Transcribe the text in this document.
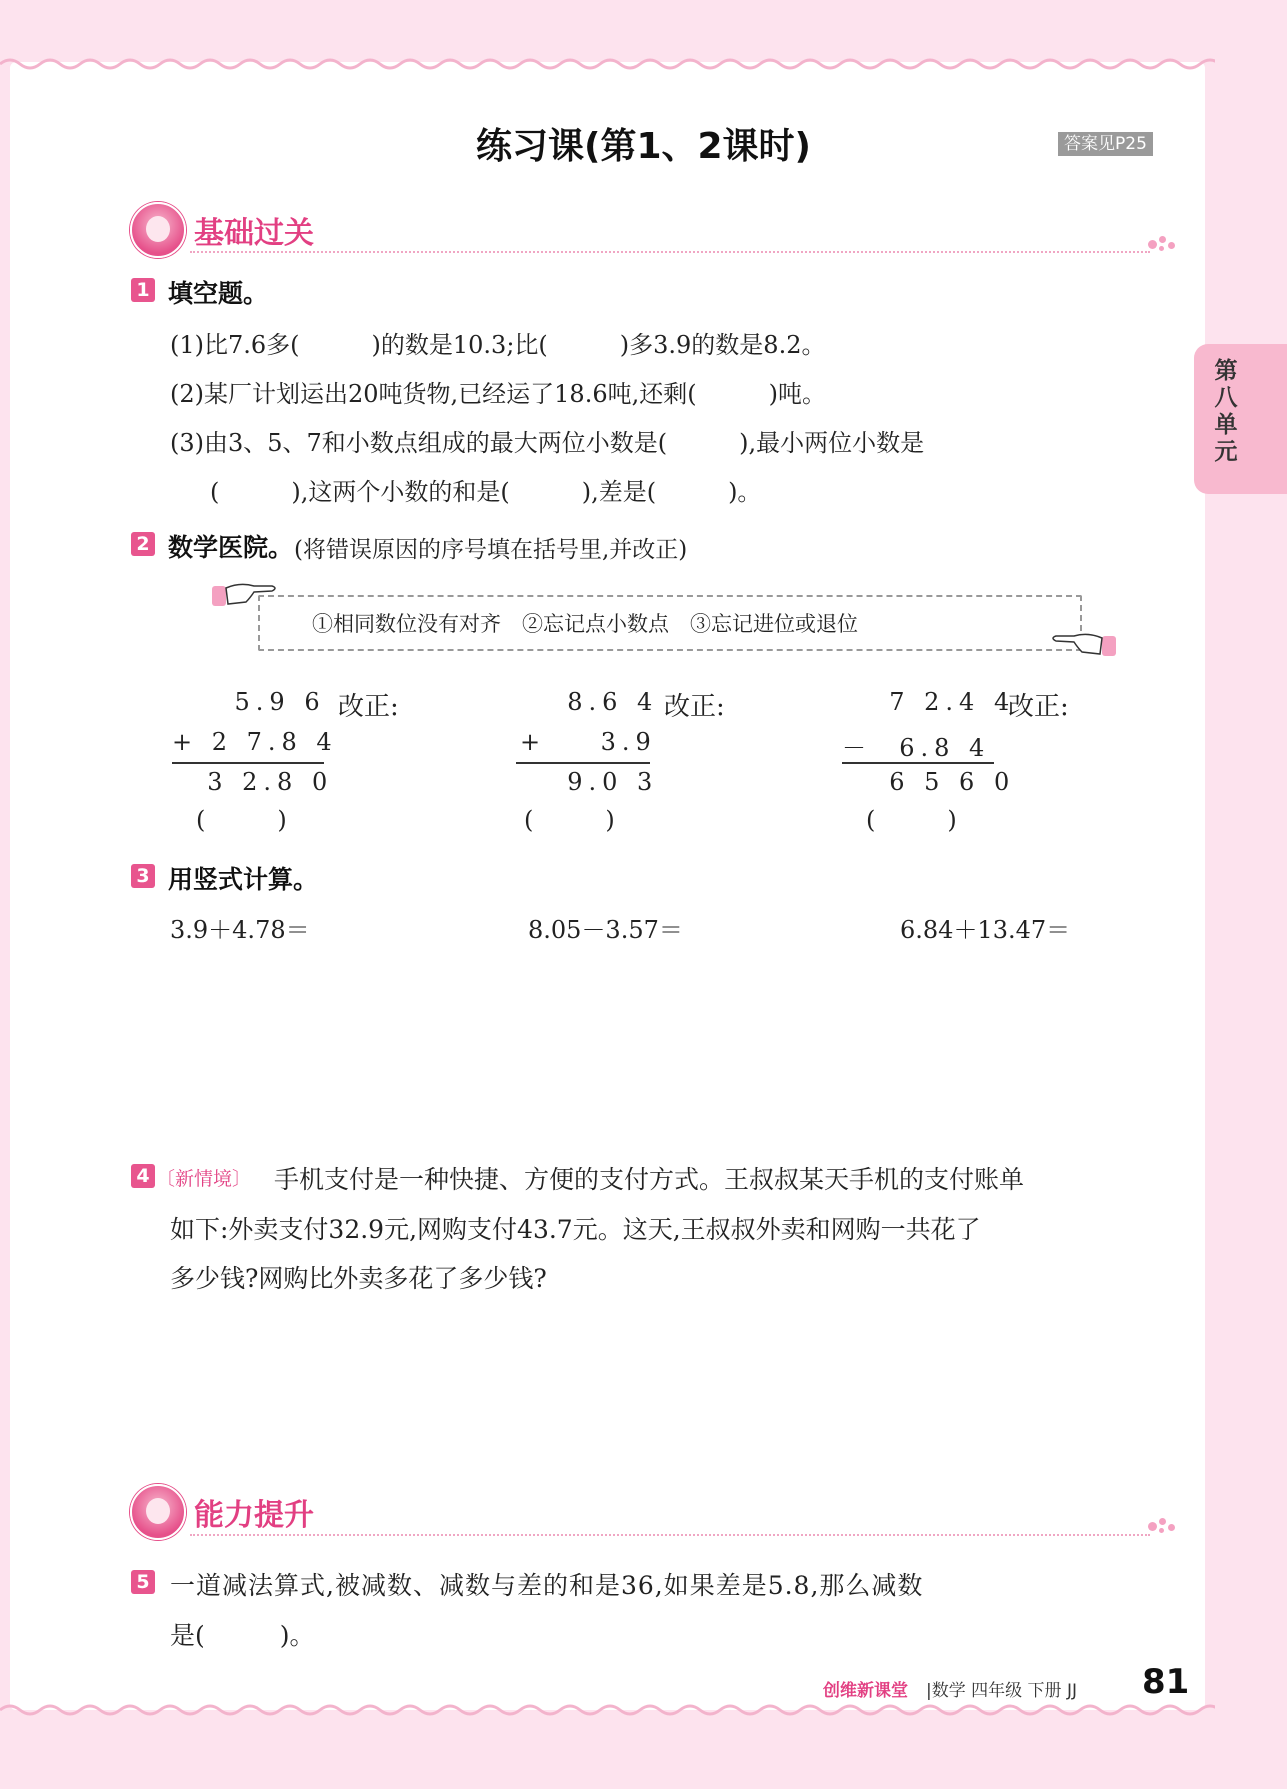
练习课(第1、2课时)	答案见P25
第八单元
基础过关
1 填空题。
(1)比7.6多(　　　)的数是10.3;比(　　　)多3.9的数是8.2。
(2)某厂计划运出20吨货物,已经运了18.6吨,还剩(　　　)吨。
(3)由3、5、7和小数点组成的最大两位小数是(　　　),最小两位小数是
(　　　),这两个小数的和是(　　　),差是(　　　)。
2 数学医院。 (将错误原因的序号填在括号里,并改正)
①相同数位没有对齐　②忘记点小数点　③忘记进位或退位
5.9 6 改正:
+ 2 7.8 4
3 2.8 0
(　　　)
8.6 4 改正:
+    3.9
9.0 3
(　　　)
7 2.4 4
改正:
－  6.8 4
6 5 6 0
(　　　)
3 用竖式计算。
3.9＋4.78＝	8.05－3.57＝	6.84＋13.47＝
4 〔新情境〕 手机支付是一种快捷、方便的支付方式。王叔叔某天手机的支付账单
如下:外卖支付32.9元,网购支付43.7元。这天,王叔叔外卖和网购一共花了
多少钱?网购比外卖多花了多少钱?
能力提升
5 一道减法算式,被减数、减数与差的和是36,如果差是5.8,那么减数
是(　　　)。
创维新课堂 |数学 四年级 下册 JJ 81
